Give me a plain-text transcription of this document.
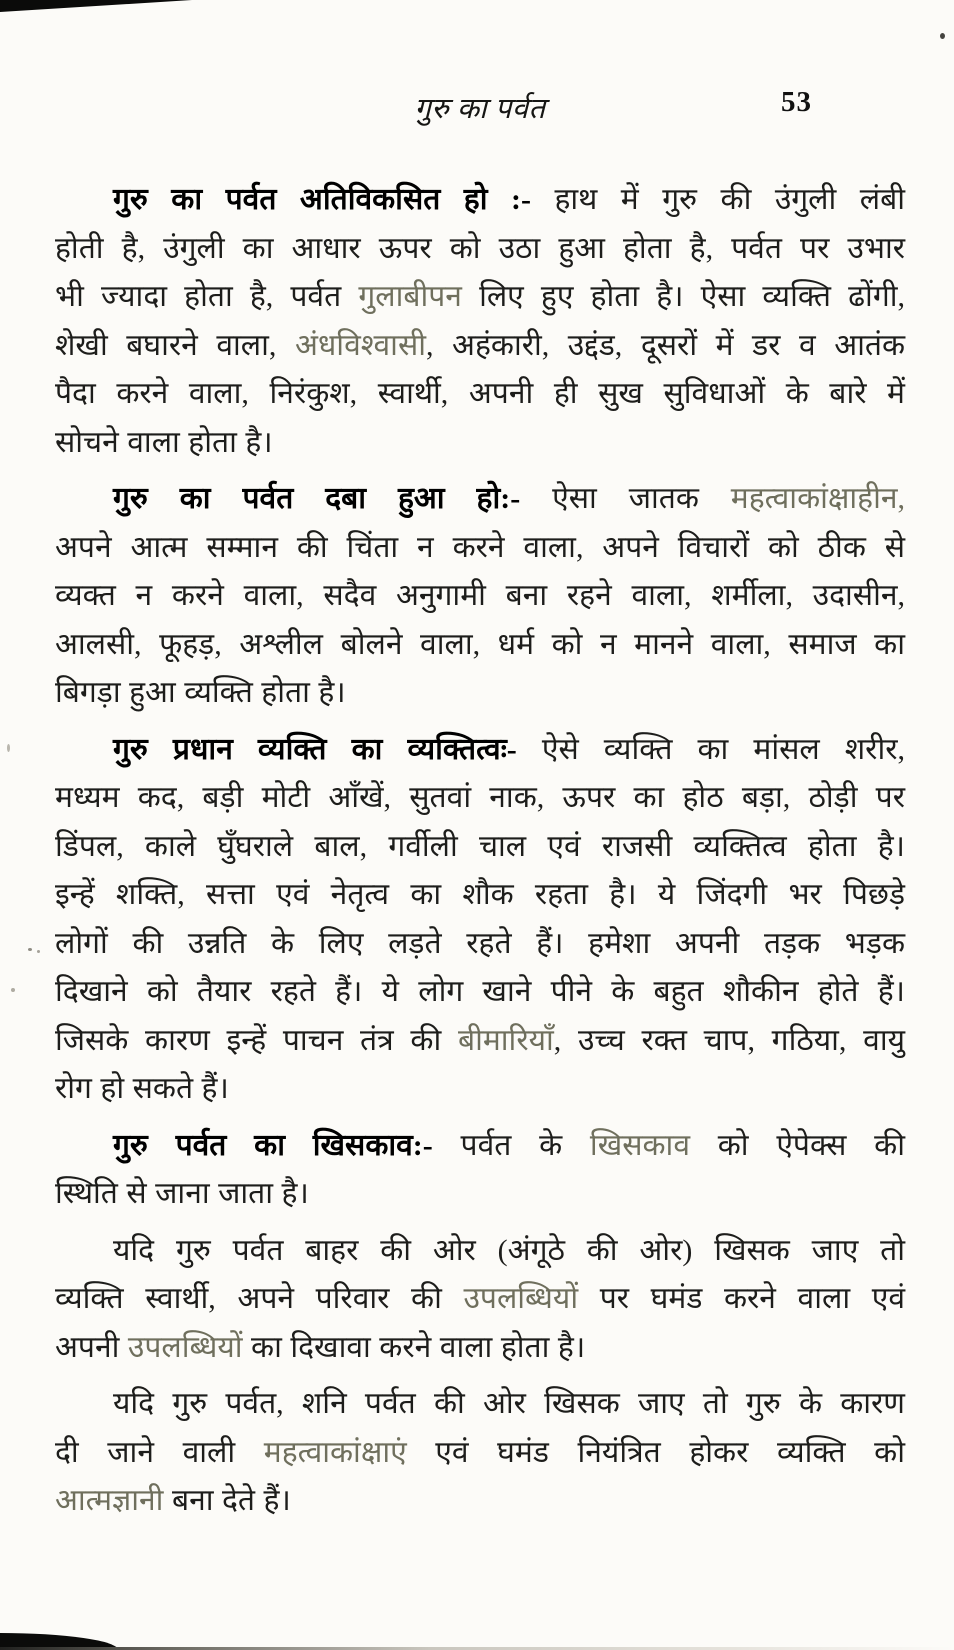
गुरु का पर्वत	53
गुरु का पर्वत अतिविकसित हो :- हाथ में गुरु की उंगुली लंबी
होती है, उंगुली का आधार ऊपर को उठा हुआ होता है, पर्वत पर उभार
भी ज्यादा होता है, पर्वत गुलाबीपन लिए हुए होता है। ऐसा व्यक्ति ढोंगी,
शेखी बघारने वाला, अंधविश्वासी, अहंकारी, उद्दंड, दूसरों में डर व आतंक
पैदा करने वाला, निरंकुश, स्वार्थी, अपनी ही सुख सुविधाओं के बारे में
सोचने वाला होता है।
गुरु का पर्वत दबा हुआ हो:- ऐसा जातक महत्वाकांक्षाहीन,
अपने आत्म सम्मान की चिंता न करने वाला, अपने विचारों को ठीक से
व्यक्त न करने वाला, सदैव अनुगामी बना रहने वाला, शर्मीला, उदासीन,
आलसी, फूहड़, अश्लील बोलने वाला, धर्म को न मानने वाला, समाज का
बिगड़ा हुआ व्यक्ति होता है।
गुरु प्रधान व्यक्ति का व्यक्तित्वः- ऐसे व्यक्ति का मांसल शरीर,
मध्यम कद, बड़ी मोटी आँखें, सुतवां नाक, ऊपर का होठ बड़ा, ठोड़ी पर
डिंपल, काले घुँघराले बाल, गर्वीली चाल एवं राजसी व्यक्तित्व होता है।
इन्हें शक्ति, सत्ता एवं नेतृत्व का शौक रहता है। ये जिंदगी भर पिछड़े
लोगों की उन्नति के लिए लड़ते रहते हैं। हमेशा अपनी तड़क भड़क
दिखाने को तैयार रहते हैं। ये लोग खाने पीने के बहुत शौकीन होते हैं।
जिसके कारण इन्हें पाचन तंत्र की बीमारियाँ, उच्च रक्त चाप, गठिया, वायु
रोग हो सकते हैं।
गुरु पर्वत का खिसकाव:- पर्वत के खिसकाव को ऐपेक्स की
स्थिति से जाना जाता है।
यदि गुरु पर्वत बाहर की ओर (अंगूठे की ओर) खिसक जाए तो
व्यक्ति स्वार्थी, अपने परिवार की उपलब्धियों पर घमंड करने वाला एवं
अपनी उपलब्धियों का दिखावा करने वाला होता है।
यदि गुरु पर्वत, शनि पर्वत की ओर खिसक जाए तो गुरु के कारण
दी जाने वाली महत्वाकांक्षाएं एवं घमंड नियंत्रित होकर व्यक्ति को
आत्मज्ञानी बना देते हैं।
